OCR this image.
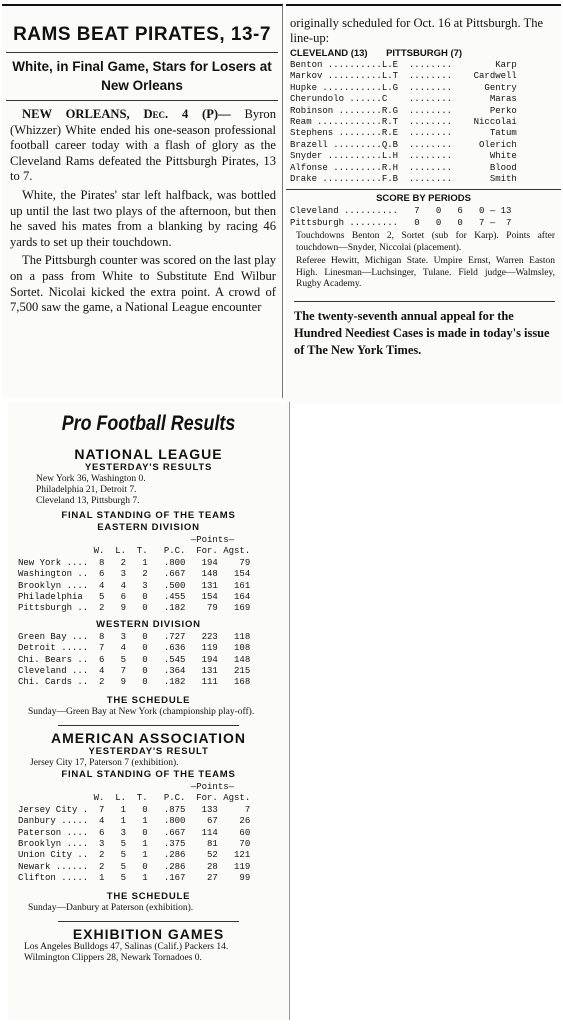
RAMS BEAT PIRATES, 13-7
White, in Final Game, Stars for Losers at New Orleans

NEW ORLEANS, Dec. 4 (P)— Byron (Whizzer) White ended his one-season professional football career today with a flash of glory as the Cleveland Rams defeated the Pittsburgh Pirates, 13 to 7.

White, the Pirates' star left halfback, was bottled up until the last two plays of the afternoon, but then he saved his mates from a blanking by racing 46 yards to set up their touchdown.

The Pittsburgh counter was scored on the last play on a pass from White to Substitute End Wilbur Sortet. Nicolai kicked the extra point. A crowd of 7,500 saw the game, a National League encounter

originally scheduled for Oct. 16 at Pittsburgh. The line-up:
CLEVELAND (13)       PITTSBURGH (7)
Benton ..........L.E  ........        Karp
Markov ..........L.T  ........    Cardwell
Hupke ...........L.G  ........      Gentry
Cherundolo ......C    ........       Maras
Robinson ........R.G  ........       Perko
Ream ............R.T  ........    Niccolai
Stephens ........R.E  ........       Tatum
Brazell .........Q.B  ........     Olerich
Snyder ..........L.H  ........       White
Alfonse .........R.H  ........       Blood
Drake ...........F.B  ........       Smith
SCORE BY PERIODS
Cleveland ..........   7   0   6   0 — 13
Pittsburgh .........   0   0   0   7 —  7
Touchdowns Benton 2, Sortet (sub for Karp). Points after touchdown—Snyder, Niccolai (placement).
Referee Hewitt, Michigan State. Umpire Ernst, Warren Easton High. Linesman—Luchsinger, Tulane. Field judge—Walmsley, Rugby Academy.
The twenty-seventh annual appeal for the Hundred Neediest Cases is made in today's issue of The New York Times.
Pro Football Results
NATIONAL LEAGUE
YESTERDAY'S RESULTS
New York 36, Washington 0.
Philadelphia 21, Detroit 7.
Cleveland 13, Pittsburgh 7.
FINAL STANDING OF THE TEAMS
EASTERN DIVISION
—Points—
W.  L.  T.   P.C.  For. Agst.
New York ....  8   2   1   .800   194    79
Washington ..  6   3   2   .667   148   154
Brooklyn ....  4   4   3   .500   131   161
Philadelphia   5   6   0   .455   154   164
Pittsburgh ..  2   9   0   .182    79   169
WESTERN DIVISION
Green Bay ...  8   3   0   .727   223   118
Detroit .....  7   4   0   .636   119   108
Chi. Bears ..  6   5   0   .545   194   148
Cleveland ...  4   7   0   .364   131   215
Chi. Cards ..  2   9   0   .182   111   168
THE SCHEDULE
Sunday—Green Bay at New York (championship play-off).
AMERICAN ASSOCIATION
YESTERDAY'S RESULT
Jersey City 17, Paterson 7 (exhibition).
FINAL STANDING OF THE TEAMS
—Points—
W.  L.  T.   P.C.  For. Agst.
Jersey City .  7   1   0   .875   133     7
Danbury .....  4   1   1   .800    67    26
Paterson ....  6   3   0   .667   114    60
Brooklyn ....  3   5   1   .375    81    70
Union City ..  2   5   1   .286    52   121
Newark ......  2   5   0   .286    28   119
Clifton .....  1   5   1   .167    27    99
THE SCHEDULE
Sunday—Danbury at Paterson (exhibition).
EXHIBITION GAMES
Los Angeles Bulldogs 47, Salinas (Calif.) Packers 14.
Wilmington Clippers 28, Newark Tornadoes 0.
